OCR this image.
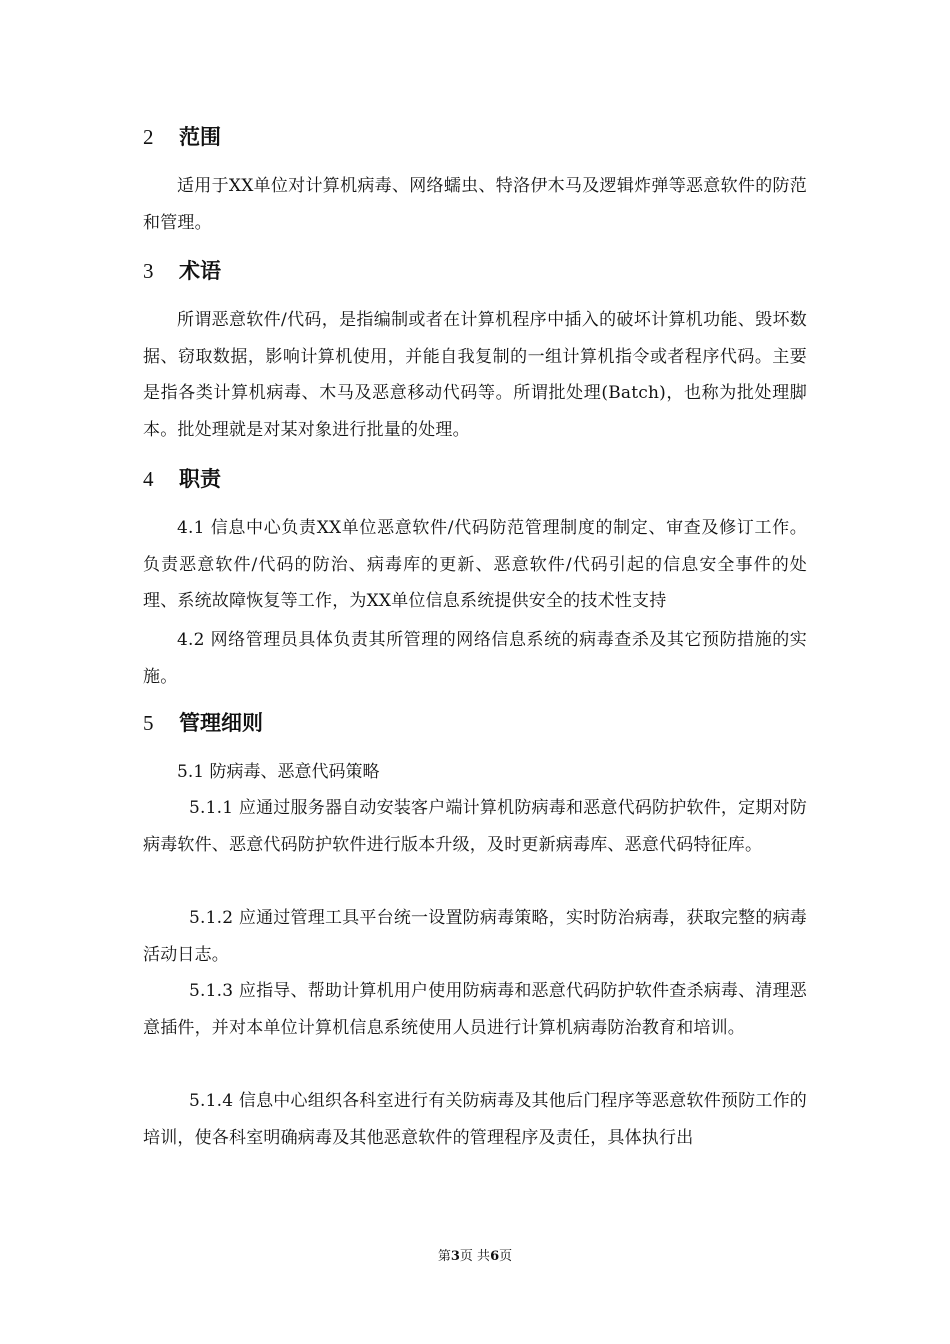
2 范围
适用于XX单位对计算机病毒、网络蠕虫、特洛伊木马及逻辑炸弹等恶意软件的防范和管理。
3 术语
所谓恶意软件/代码，是指编制或者在计算机程序中插入的破坏计算机功能、毁坏数据、窃取数据，影响计算机使用，并能自我复制的一组计算机指令或者程序代码。主要是指各类计算机病毒、木马及恶意移动代码等。所谓批处理(Batch)，也称为批处理脚本。批处理就是对某对象进行批量的处理。
4 职责
4.1 信息中心负责XX单位恶意软件/代码防范管理制度的制定、审查及修订工作。负责恶意软件/代码的防治、病毒库的更新、恶意软件/代码引起的信息安全事件的处理、系统故障恢复等工作，为XX单位信息系统提供安全的技术性支持
4.2 网络管理员具体负责其所管理的网络信息系统的病毒查杀及其它预防措施的实施。
5 管理细则
5.1 防病毒、恶意代码策略
5.1.1 应通过服务器自动安装客户端计算机防病毒和恶意代码防护软件，定期对防病毒软件、恶意代码防护软件进行版本升级，及时更新病毒库、恶意代码特征库。
5.1.2 应通过管理工具平台统一设置防病毒策略，实时防治病毒，获取完整的病毒活动日志。
5.1.3 应指导、帮助计算机用户使用防病毒和恶意代码防护软件查杀病毒、清理恶意插件，并对本单位计算机信息系统使用人员进行计算机病毒防治教育和培训。
5.1.4 信息中心组织各科室进行有关防病毒及其他后门程序等恶意软件预防工作的培训，使各科室明确病毒及其他恶意软件的管理程序及责任，具体执行出
第3页 共6页
